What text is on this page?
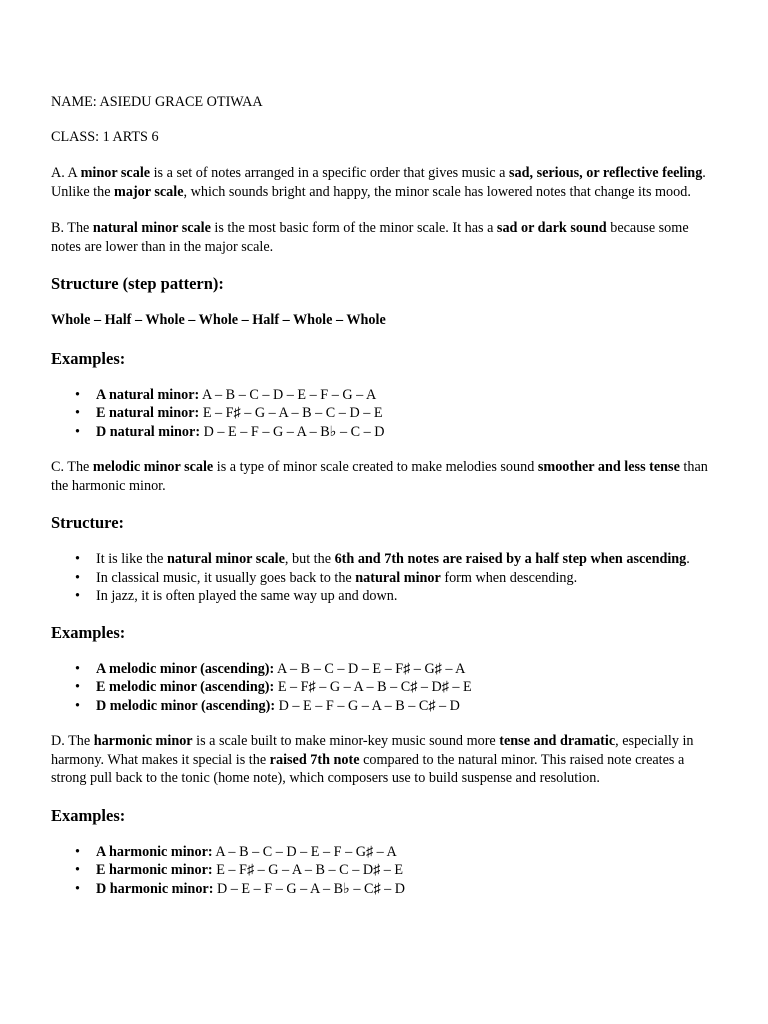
NAME: ASIEDU GRACE OTIWAA

CLASS: 1 ARTS 6

A. A minor scale is a set of notes arranged in a specific order that gives music a sad, serious, or reflective feeling. Unlike the major scale, which sounds bright and happy, the minor scale has lowered notes that change its mood.

B. The natural minor scale is the most basic form of the minor scale. It has a sad or dark sound because some notes are lower than in the major scale.

Structure (step pattern):

Whole – Half – Whole – Whole – Half – Whole – Whole

Examples:
• A natural minor: A – B – C – D – E – F – G – A
• E natural minor: E – F♯ – G – A – B – C – D – E
• D natural minor: D – E – F – G – A – B♭ – C – D

C. The melodic minor scale is a type of minor scale created to make melodies sound smoother and less tense than the harmonic minor.

Structure:
• It is like the natural minor scale, but the 6th and 7th notes are raised by a half step when ascending.
• In classical music, it usually goes back to the natural minor form when descending.
• In jazz, it is often played the same way up and down.
Examples:
• A melodic minor (ascending): A – B – C – D – E – F♯ – G♯ – A
• E melodic minor (ascending): E – F♯ – G – A – B – C♯ – D♯ – E
• D melodic minor (ascending): D – E – F – G – A – B – C♯ – D

D. The harmonic minor is a scale built to make minor-key music sound more tense and dramatic, especially in harmony. What makes it special is the raised 7th note compared to the natural minor. This raised note creates a strong pull back to the tonic (home note), which composers use to build suspense and resolution.

Examples:
• A harmonic minor: A – B – C – D – E – F – G♯ – A
• E harmonic minor: E – F♯ – G – A – B – C – D♯ – E
• D harmonic minor: D – E – F – G – A – B♭ – C♯ – D
